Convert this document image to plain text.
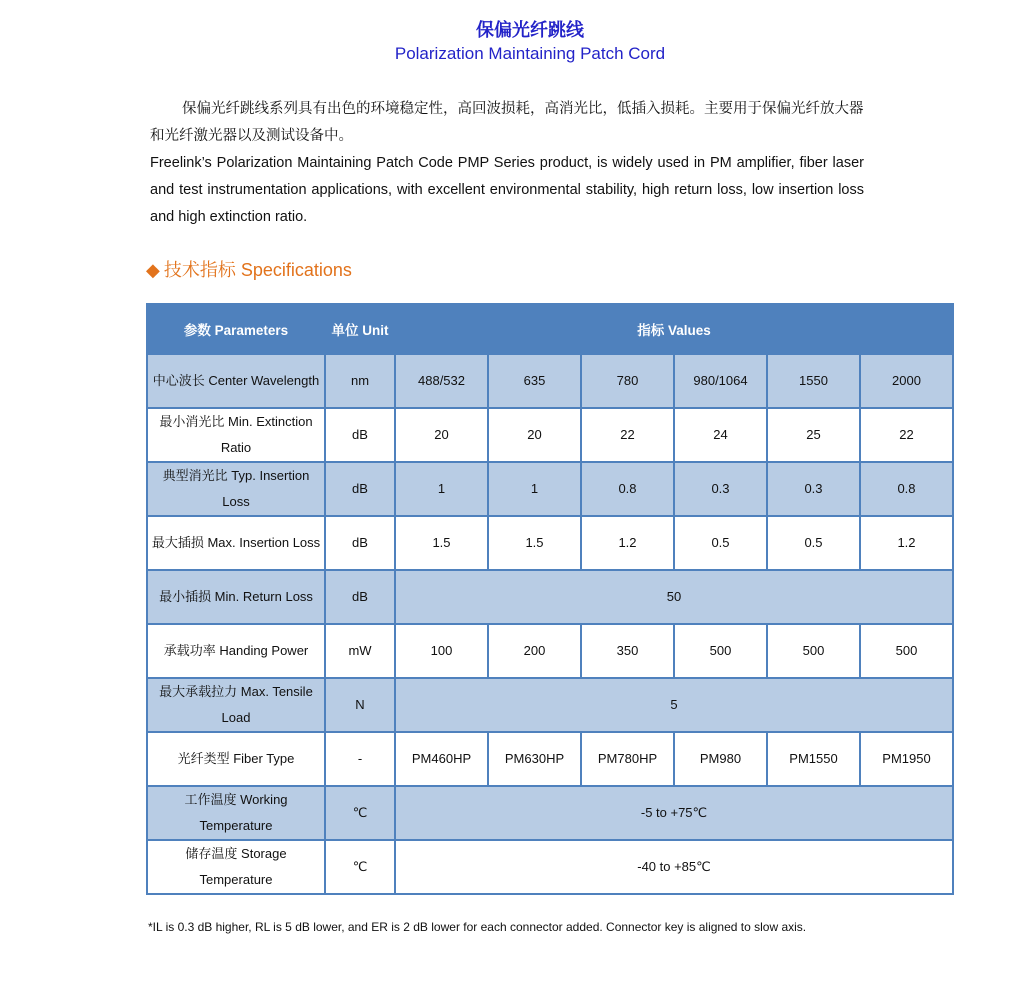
保偏光纤跳线
Polarization Maintaining Patch Cord

保偏光纤跳线系列具有出色的环境稳定性，高回波损耗，高消光比，低插入损耗。主要用于保偏光纤放大器和光纤激光器以及测试设备中。

Freelink’s Polarization Maintaining Patch Code PMP Series product, is widely used in PM amplifier, fiber laser and test instrumentation applications, with excellent environmental stability, high return loss, low insertion loss and high extinction ratio.

◆ 技术指标 Specifications
参数 Parameters	单位 Unit	指标 Values					
中心波长 Center Wavelength	nm	488/532	635	780	980/1064	1550	2000
最小消光比 Min. Extinction Ratio	dB	20	20	22	24	25	22
典型消光比 Typ. Insertion Loss	dB	1	1	0.8	0.3	0.3	0.8
最大插损 Max. Insertion Loss	dB	1.5	1.5	1.2	0.5	0.5	1.2
最小插损 Min. Return Loss	dB	50					
承载功率 Handing Power	mW	100	200	350	500	500	500
最大承载拉力 Max. Tensile Load	N	5					
光纤类型 Fiber Type	-	PM460HP	PM630HP	PM780HP	PM980	PM1550	PM1950
工作温度 Working Temperature	℃	-5 to +75℃					
储存温度 Storage Temperature	℃	-40 to +85℃					
*IL is 0.3 dB higher, RL is 5 dB lower, and ER is 2 dB lower for each connector added. Connector key is aligned to slow axis.
